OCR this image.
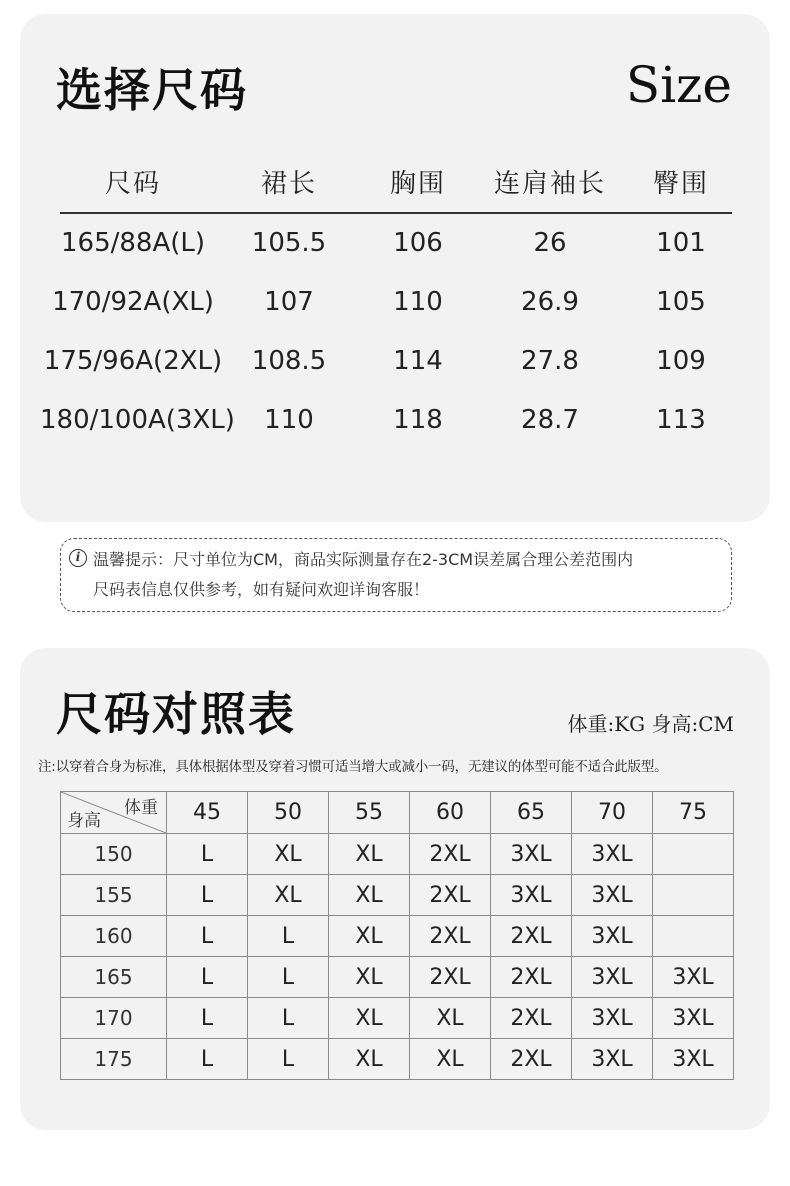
选择尺码	Size
尺码	裙长	胸围	连肩袖长	臀围
165/88A(L)	105.5	106	26	101
170/92A(XL)	107	110	26.9	105
175/96A(2XL)	108.5	114	27.8	109
180/100A(3XL)	110	118	28.7	113
i 温馨提示：尺寸单位为CM，商品实际测量存在2-3CM误差属合理公差范围内
尺码表信息仅供参考，如有疑问欢迎详询客服！
尺码对照表	体重:KG 身高:CM
注:以穿着合身为标准，具体根据体型及穿着习惯可适当增大或减小一码，无建议的体型可能不适合此版型。
体重
身高	45	50	55	60	65	70	75
150	L	XL	XL	2XL	3XL	3XL	
155	L	XL	XL	2XL	3XL	3XL	
160	L	L	XL	2XL	2XL	3XL	
165	L	L	XL	2XL	2XL	3XL	3XL
170	L	L	XL	XL	2XL	3XL	3XL
175	L	L	XL	XL	2XL	3XL	3XL
